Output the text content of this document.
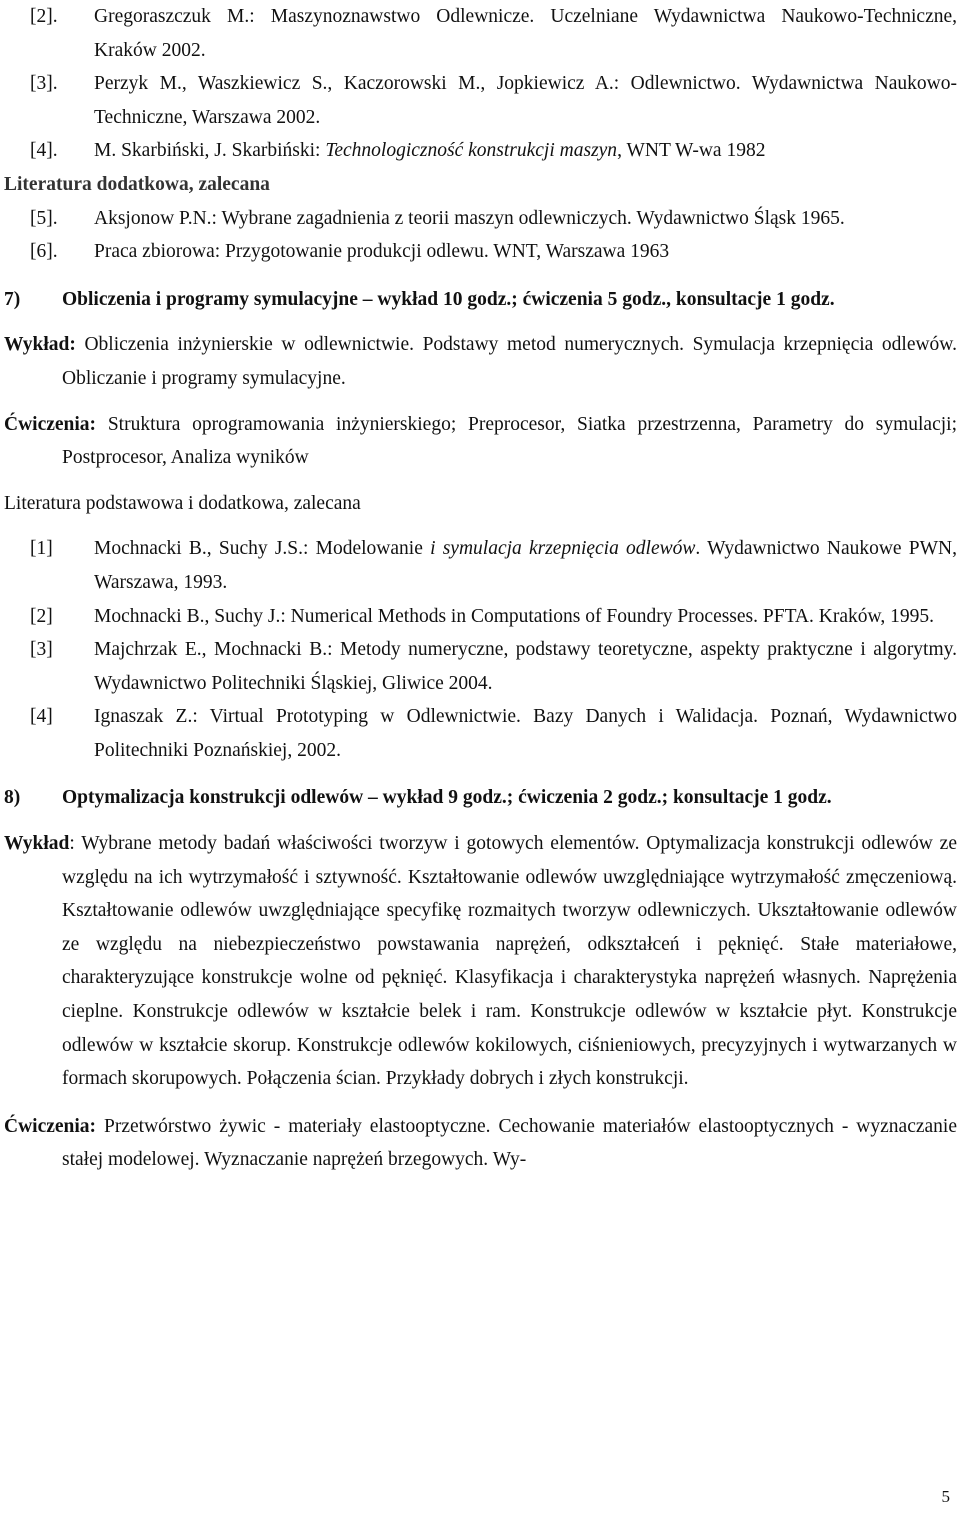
[2]. Gregoraszczuk M.: Maszynoznawstwo Odlewnicze. Uczelniane Wydawnictwa Naukowo-Techniczne, Kraków 2002.
[3]. Perzyk M., Waszkiewicz S., Kaczorowski M., Jopkiewicz A.: Odlewnictwo. Wydawnictwa Naukowo-Techniczne, Warszawa 2002.
[4]. M. Skarbiński, J. Skarbiński: Technologiczność konstrukcji maszyn, WNT W-wa 1982
Literatura dodatkowa, zalecana
[5]. Aksjonow P.N.: Wybrane zagadnienia z teorii maszyn odlewniczych. Wydawnictwo Śląsk 1965.
[6]. Praca zbiorowa: Przygotowanie produkcji odlewu. WNT, Warszawa 1963
7) Obliczenia i programy symulacyjne – wykład 10 godz.; ćwiczenia 5 godz., konsultacje 1 godz.
Wykład: Obliczenia inżynierskie w odlewnictwie. Podstawy metod numerycznych. Symulacja krzepnięcia odlewów. Obliczanie i programy symulacyjne.
Ćwiczenia: Struktura oprogramowania inżynierskiego; Preprocesor, Siatka przestrzenna, Parametry do symulacji; Postprocesor, Analiza wyników
Literatura podstawowa i dodatkowa, zalecana
[1] Mochnacki B., Suchy J.S.: Modelowanie i symulacja krzepnięcia odlewów. Wydawnictwo Naukowe PWN, Warszawa, 1993.
[2] Mochnacki B., Suchy J.: Numerical Methods in Computations of Foundry Processes. PFTA. Kraków, 1995.
[3] Majchrzak E., Mochnacki B.: Metody numeryczne, podstawy teoretyczne, aspekty praktyczne i algorytmy. Wydawnictwo Politechniki Śląskiej, Gliwice 2004.
[4] Ignaszak Z.: Virtual Prototyping w Odlewnictwie. Bazy Danych i Walidacja. Poznań, Wydawnictwo Politechniki Poznańskiej, 2002.
8) Optymalizacja konstrukcji odlewów – wykład 9 godz.; ćwiczenia 2 godz.; konsultacje 1 godz.
Wykład: Wybrane metody badań właściwości tworzyw i gotowych elementów. Optymalizacja konstrukcji odlewów ze względu na ich wytrzymałość i sztywność. Kształtowanie odlewów uwzględniające wytrzymałość zmęczeniową. Kształtowanie odlewów uwzględniające specyfikę rozmaitych tworzyw odlewniczych. Ukształtowanie odlewów ze względu na niebezpieczeństwo powstawania naprężeń, odkształceń i pęknięć. Stałe materiałowe, charakteryzujące konstrukcje wolne od pęknięć. Klasyfikacja i charakterystyka naprężeń własnych. Naprężenia cieplne. Konstrukcje odlewów w kształcie belek i ram. Konstrukcje odlewów w kształcie płyt. Konstrukcje odlewów w kształcie skorup. Konstrukcje odlewów kokilowych, ciśnieniowych, precyzyjnych i wytwarzanych w formach skorupowych. Połączenia ścian. Przykłady dobrych i złych konstrukcji.
Ćwiczenia: Przetwórstwo żywic - materiały elastooptyczne. Cechowanie materiałów elastooptycznych - wyznaczanie stałej modelowej. Wyznaczanie naprężeń brzegowych. Wy-
5
